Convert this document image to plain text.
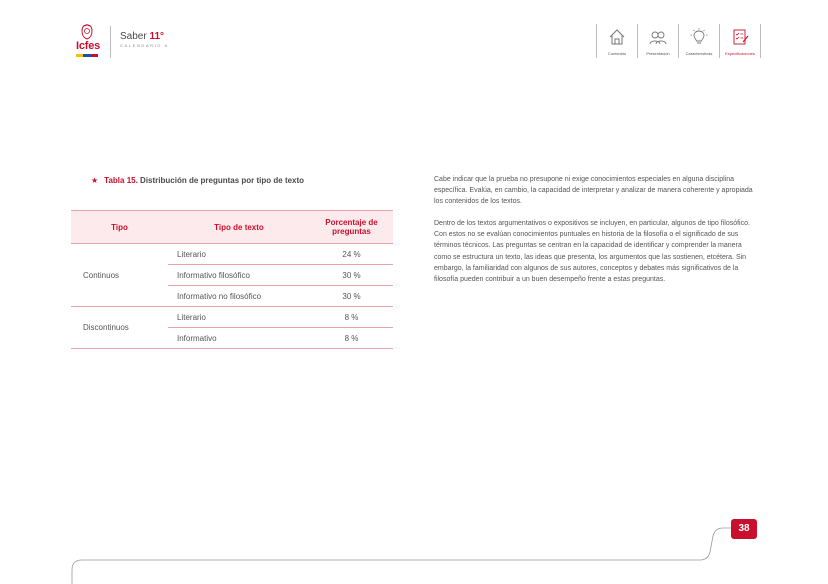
Icfes
Saber 11°
CALENDARIO A
Contenido	Presentación	Características	Especificaciones
★ Tabla 15. Distribución de preguntas por tipo de texto
Tipo	Tipo de texto	Porcentaje de preguntas
Continuos	Literario	24 %
	Informativo filosófico	30 %
	Informativo no filosófico	30 %
Discontinuos	Literario	8 %
	Informativo	8 %

Cabe indicar que la prueba no presupone ni exige conocimientos especiales en alguna disciplina específica. Evalúa, en cambio, la capacidad de interpretar y analizar de manera coherente y apropiada los contenidos de los textos.

Dentro de los textos argumentativos o expositivos se incluyen, en particular, algunos de tipo filosófico. Con estos no se evalúan conocimientos puntuales en historia de la filosofía o el significado de sus términos técnicos. Las preguntas se centran en la capacidad de identificar y comprender la manera como se estructura un texto, las ideas que presenta, los argumentos que las sostienen, etcétera. Sin embargo, la familiaridad con algunos de sus autores, conceptos y debates más significativos de la filosofía pueden contribuir a un buen desempeño frente a estas preguntas.

38
